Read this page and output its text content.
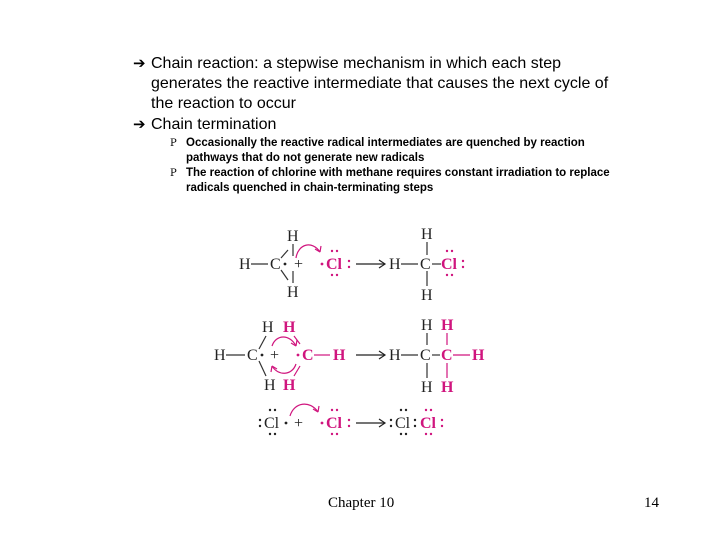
➔ Chain reaction: a stepwise mechanism in which each step
generates the reactive intermediate that causes the next cycle of
the reaction to occur
➔ Chain termination
P Occasionally the reactive radical intermediates are quenched by reaction
pathways that do not generate new radicals
P The reaction of chlorine with methane requires constant irradiation to replace
radicals quenched in chain-terminating steps
H
H C
H
+ Cl
H
H C
H
Cl
H H
H C
H H
+ C H
H H
H C C H
H H
Cl + Cl	Cl Cl
Chapter 10	14
